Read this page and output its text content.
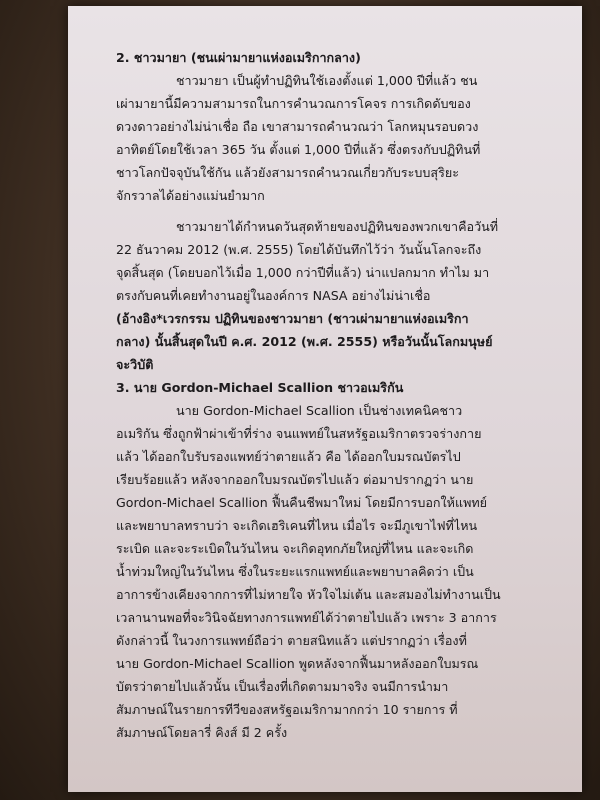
2. ชาวมายา (ชนเผ่ามายาแห่งอเมริกากลาง)
ชาวมายา เป็นผู้ทำปฏิทินใช้เองตั้งแต่ 1,000 ปีที่แล้ว ชน
เผ่ามายานี้มีความสามารถในการคำนวณการโคจร การเกิดดับของ
ดวงดาวอย่างไม่น่าเชื่อ ถือ เขาสามารถคำนวณว่า โลกหมุนรอบดวง
อาทิตย์โดยใช้เวลา 365 วัน ตั้งแต่ 1,000 ปีที่แล้ว ซึ่งตรงกับปฏิทินที่
ชาวโลกปัจจุบันใช้กัน แล้วยังสามารถคำนวณเกี่ยวกับระบบสุริยะ
จักรวาลได้อย่างแม่นยำมาก
ชาวมายาได้กำหนดวันสุดท้ายของปฏิทินของพวกเขาคือวันที่
22 ธันวาคม 2012 (พ.ศ. 2555) โดยได้บันทึกไว้ว่า วันนั้นโลกจะถึง
จุดสิ้นสุด (โดยบอกไว้เมื่อ 1,000 กว่าปีที่แล้ว) น่าแปลกมาก ทำไม มา
ตรงกับคนที่เคยทำงานอยู่ในองค์การ NASA อย่างไม่น่าเชื่อ
(อ้างอิง*เวรกรรม ปฏิทินของชาวมายา (ชาวเผ่ามายาแห่งอเมริกา
กลาง) นั้นสิ้นสุดในปี ค.ศ. 2012 (พ.ศ. 2555) หรือวันนั้นโลกมนุษย์
จะวิบัติ
3. นาย Gordon-Michael Scallion ชาวอเมริกัน
นาย Gordon-Michael Scallion เป็นช่างเทคนิคชาว
อเมริกัน ซึ่งถูกฟ้าผ่าเข้าที่ร่าง จนแพทย์ในสหรัฐอเมริกาตรวจร่างกาย
แล้ว ได้ออกใบรับรองแพทย์ว่าตายแล้ว คือ ได้ออกใบมรณบัตรไป
เรียบร้อยแล้ว หลังจากออกใบมรณบัตรไปแล้ว ต่อมาปรากฏว่า นาย
Gordon-Michael Scallion ฟื้นคืนชีพมาใหม่ โดยมีการบอกให้แพทย์
และพยาบาลทราบว่า จะเกิดเฮริเคนที่ไหน เมื่อไร จะมีภูเขาไฟที่ไหน
ระเบิด และจะระเบิดในวันไหน จะเกิดอุทกภัยใหญ่ที่ไหน และจะเกิด
น้ำท่วมใหญ่ในวันไหน ซึ่งในระยะแรกแพทย์และพยาบาลคิดว่า เป็น
อาการข้างเคียงจากการที่ไม่หายใจ หัวใจไม่เต้น และสมองไม่ทำงานเป็น
เวลานานพอที่จะวินิจฉัยทางการแพทย์ได้ว่าตายไปแล้ว เพราะ 3 อาการ
ดังกล่าวนี้ ในวงการแพทย์ถือว่า ตายสนิทแล้ว แต่ปรากฏว่า เรื่องที่
นาย Gordon-Michael Scallion พูดหลังจากฟื้นมาหลังออกใบมรณ
บัตรว่าตายไปแล้วนั้น เป็นเรื่องที่เกิดตามมาจริง จนมีการนำมา
สัมภาษณ์ในรายการทีวีของสหรัฐอเมริกามากกว่า 10 รายการ ที่
สัมภาษณ์โดยลารี่ คิงส์ มี 2 ครั้ง
